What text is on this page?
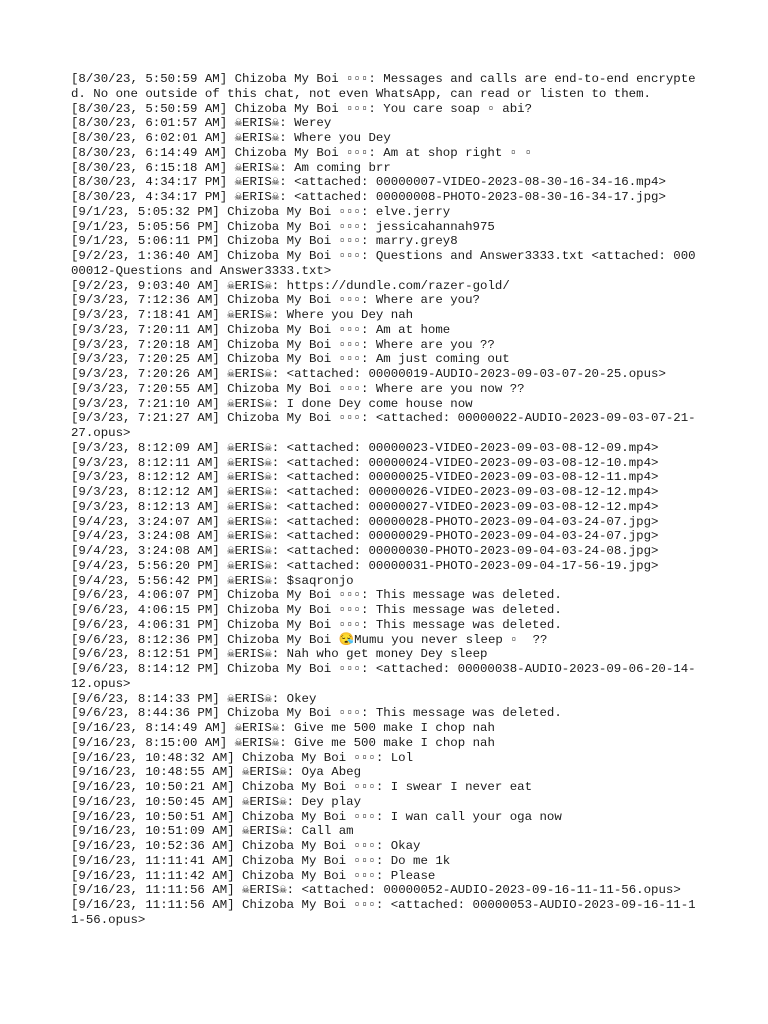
[8/30/23, 5:50:59 AM] Chizoba My Boi ▫▫▫: Messages and calls are end-to-end encrypted. No one outside of this chat, not even WhatsApp, can read or listen to them.
[8/30/23, 5:50:59 AM] Chizoba My Boi ▫▫▫: You care soap ▫ abi?
[8/30/23, 6:01:57 AM] ☠ERIS☠: Werey
[8/30/23, 6:02:01 AM] ☠ERIS☠: Where you Dey
[8/30/23, 6:14:49 AM] Chizoba My Boi ▫▫▫: Am at shop right ▫ ▫
[8/30/23, 6:15:18 AM] ☠ERIS☠: Am coming brr
[8/30/23, 4:34:17 PM] ☠ERIS☠: <attached: 00000007-VIDEO-2023-08-30-16-34-16.mp4>
[8/30/23, 4:34:17 PM] ☠ERIS☠: <attached: 00000008-PHOTO-2023-08-30-16-34-17.jpg>
[9/1/23, 5:05:32 PM] Chizoba My Boi ▫▫▫: elve.jerry
[9/1/23, 5:05:56 PM] Chizoba My Boi ▫▫▫: jessicahannah975
[9/1/23, 5:06:11 PM] Chizoba My Boi ▫▫▫: marry.grey8
[9/2/23, 1:36:40 AM] Chizoba My Boi ▫▫▫: Questions and Answer3333.txt <attached: 00000012-Questions and Answer3333.txt>
[9/2/23, 9:03:40 AM] ☠ERIS☠: https://dundle.com/razer-gold/
[9/3/23, 7:12:36 AM] Chizoba My Boi ▫▫▫: Where are you?
[9/3/23, 7:18:41 AM] ☠ERIS☠: Where you Dey nah
[9/3/23, 7:20:11 AM] Chizoba My Boi ▫▫▫: Am at home
[9/3/23, 7:20:18 AM] Chizoba My Boi ▫▫▫: Where are you ??
[9/3/23, 7:20:25 AM] Chizoba My Boi ▫▫▫: Am just coming out
[9/3/23, 7:20:26 AM] ☠ERIS☠: <attached: 00000019-AUDIO-2023-09-03-07-20-25.opus>
[9/3/23, 7:20:55 AM] Chizoba My Boi ▫▫▫: Where are you now ??
[9/3/23, 7:21:10 AM] ☠ERIS☠: I done Dey come house now
[9/3/23, 7:21:27 AM] Chizoba My Boi ▫▫▫: <attached: 00000022-AUDIO-2023-09-03-07-21-27.opus>
[9/3/23, 8:12:09 AM] ☠ERIS☠: <attached: 00000023-VIDEO-2023-09-03-08-12-09.mp4>
[9/3/23, 8:12:11 AM] ☠ERIS☠: <attached: 00000024-VIDEO-2023-09-03-08-12-10.mp4>
[9/3/23, 8:12:12 AM] ☠ERIS☠: <attached: 00000025-VIDEO-2023-09-03-08-12-11.mp4>
[9/3/23, 8:12:12 AM] ☠ERIS☠: <attached: 00000026-VIDEO-2023-09-03-08-12-12.mp4>
[9/3/23, 8:12:13 AM] ☠ERIS☠: <attached: 00000027-VIDEO-2023-09-03-08-12-12.mp4>
[9/4/23, 3:24:07 AM] ☠ERIS☠: <attached: 00000028-PHOTO-2023-09-04-03-24-07.jpg>
[9/4/23, 3:24:08 AM] ☠ERIS☠: <attached: 00000029-PHOTO-2023-09-04-03-24-07.jpg>
[9/4/23, 3:24:08 AM] ☠ERIS☠: <attached: 00000030-PHOTO-2023-09-04-03-24-08.jpg>
[9/4/23, 5:56:20 PM] ☠ERIS☠: <attached: 00000031-PHOTO-2023-09-04-17-56-19.jpg>
[9/4/23, 5:56:42 PM] ☠ERIS☠: $saqronjo
[9/6/23, 4:06:07 PM] Chizoba My Boi ▫▫▫: This message was deleted.
[9/6/23, 4:06:15 PM] Chizoba My Boi ▫▫▫: This message was deleted.
[9/6/23, 4:06:31 PM] Chizoba My Boi ▫▫▫: This message was deleted.
[9/6/23, 8:12:36 PM] Chizoba My Boi 😪Mumu you never sleep ▫  ??
[9/6/23, 8:12:51 PM] ☠ERIS☠: Nah who get money Dey sleep
[9/6/23, 8:14:12 PM] Chizoba My Boi ▫▫▫: <attached: 00000038-AUDIO-2023-09-06-20-14-12.opus>
[9/6/23, 8:14:33 PM] ☠ERIS☠: Okey
[9/6/23, 8:44:36 PM] Chizoba My Boi ▫▫▫: This message was deleted.
[9/16/23, 8:14:49 AM] ☠ERIS☠: Give me 500 make I chop nah
[9/16/23, 8:15:00 AM] ☠ERIS☠: Give me 500 make I chop nah
[9/16/23, 10:48:32 AM] Chizoba My Boi ▫▫▫: Lol
[9/16/23, 10:48:55 AM] ☠ERIS☠: Oya Abeg
[9/16/23, 10:50:21 AM] Chizoba My Boi ▫▫▫: I swear I never eat
[9/16/23, 10:50:45 AM] ☠ERIS☠: Dey play
[9/16/23, 10:50:51 AM] Chizoba My Boi ▫▫▫: I wan call your oga now
[9/16/23, 10:51:09 AM] ☠ERIS☠: Call am
[9/16/23, 10:52:36 AM] Chizoba My Boi ▫▫▫: Okay
[9/16/23, 11:11:41 AM] Chizoba My Boi ▫▫▫: Do me 1k
[9/16/23, 11:11:42 AM] Chizoba My Boi ▫▫▫: Please
[9/16/23, 11:11:56 AM] ☠ERIS☠: <attached: 00000052-AUDIO-2023-09-16-11-11-56.opus>
[9/16/23, 11:11:56 AM] Chizoba My Boi ▫▫▫: <attached: 00000053-AUDIO-2023-09-16-11-11-56.opus>
